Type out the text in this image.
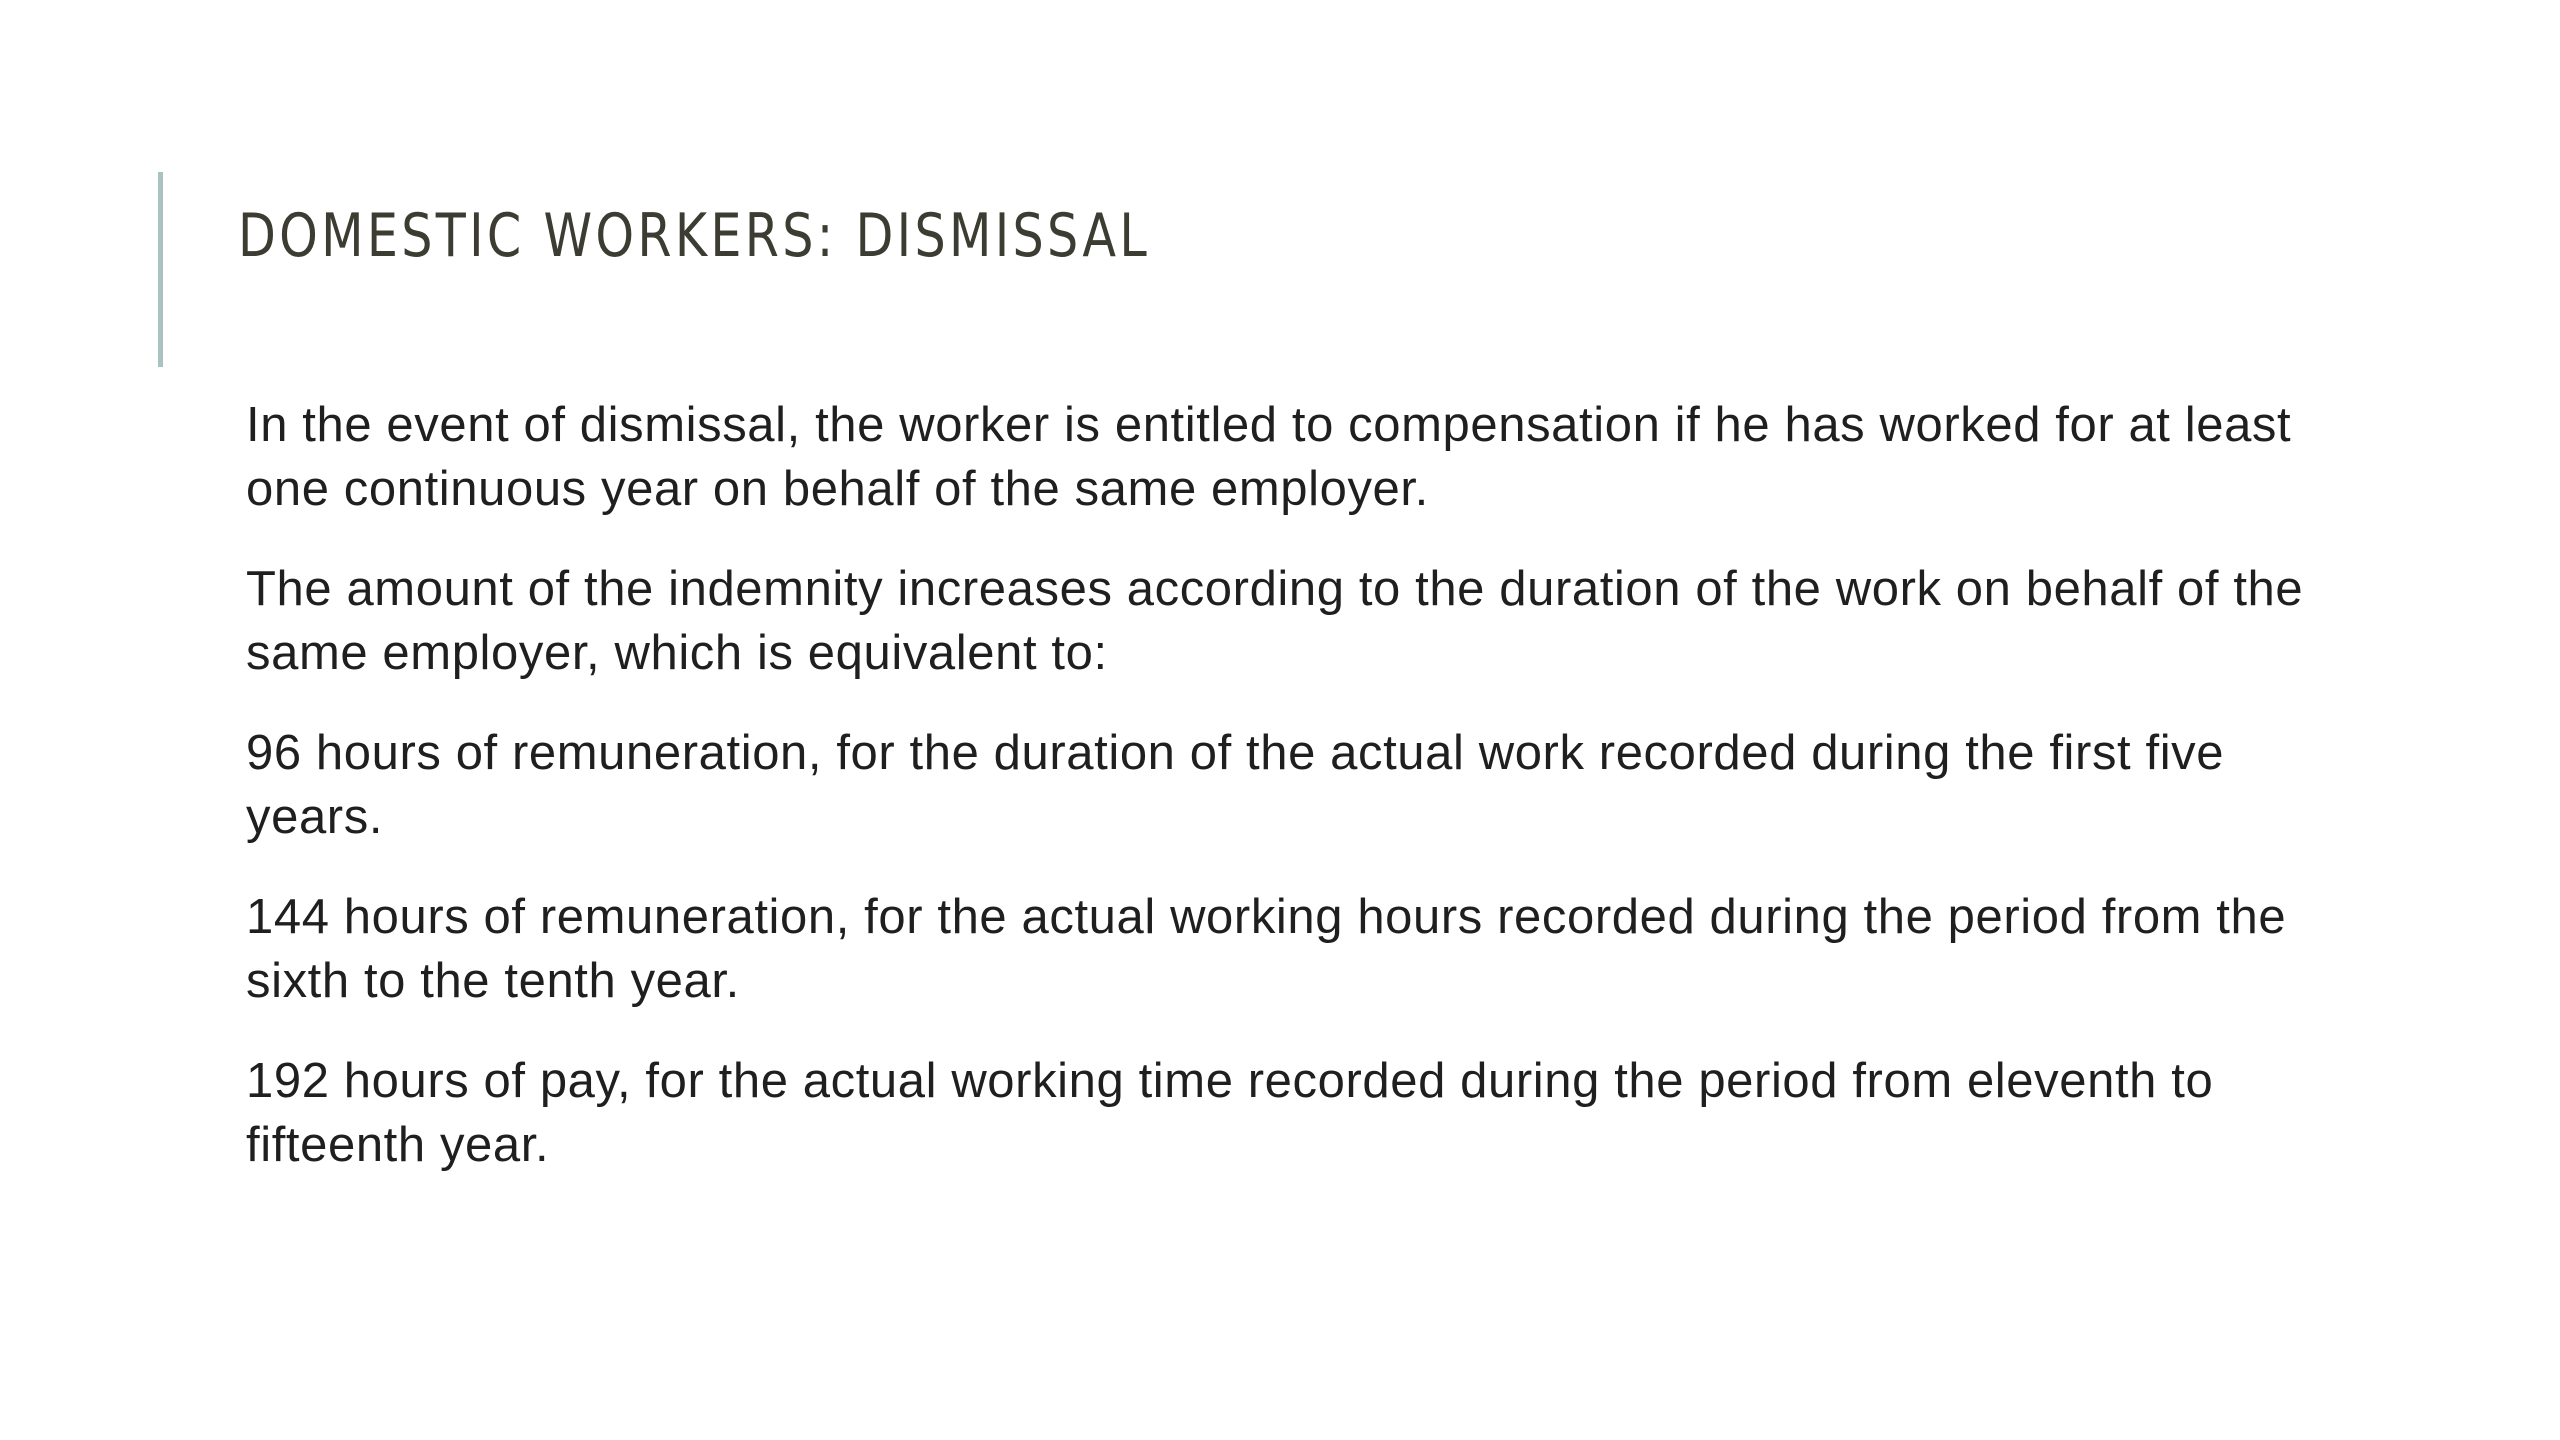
DOMESTIC WORKERS: DISMISSAL

In the event of dismissal, the worker is entitled to compensation if he has worked for at least one continuous year on behalf of the same employer.

The amount of the indemnity increases according to the duration of the work on behalf of the same employer, which is equivalent to:

96 hours of remuneration, for the duration of the actual work recorded during the first five years.

144 hours of remuneration, for the actual working hours recorded during the period from the sixth to the tenth year.

192 hours of pay, for the actual working time recorded during the period from eleventh to fifteenth year.
